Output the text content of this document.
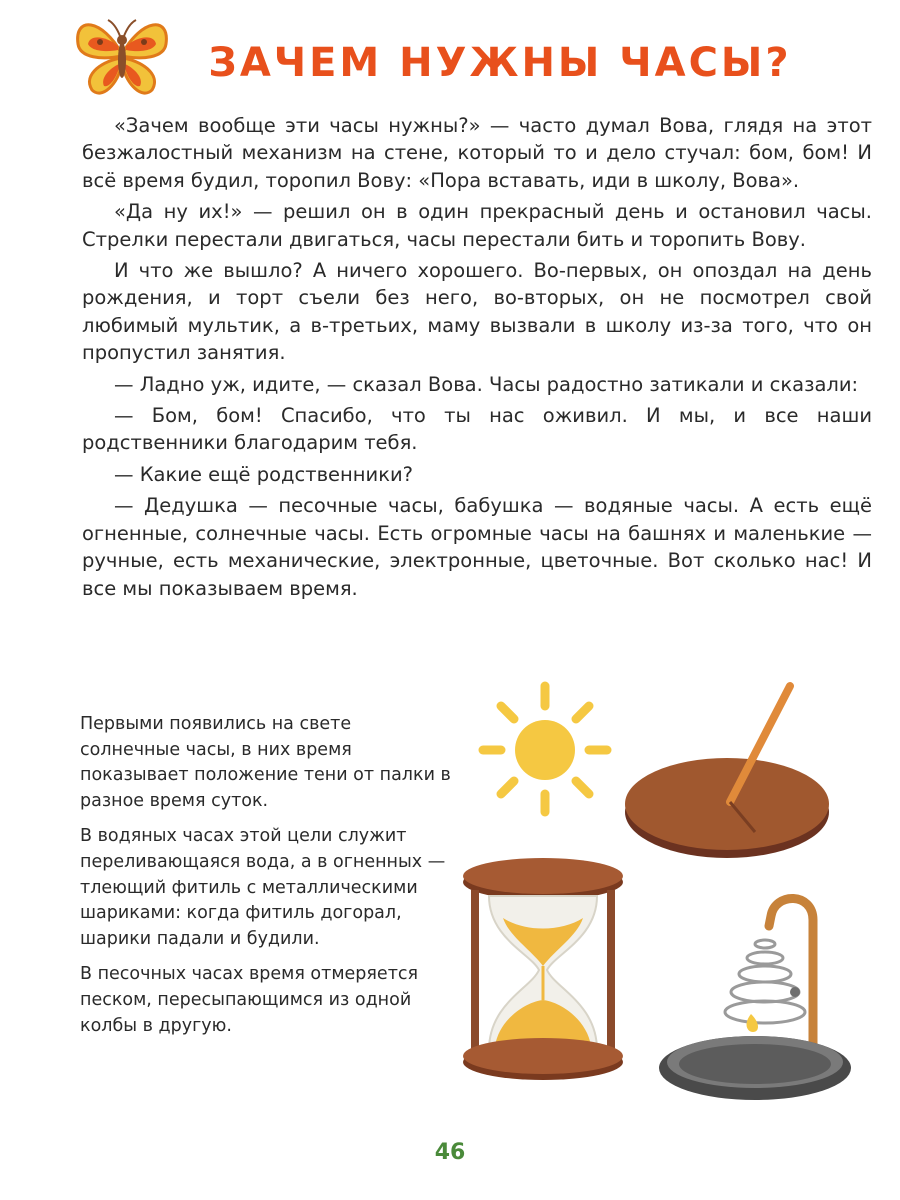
ЗАЧЕМ НУЖНЫ ЧАСЫ?

«Зачем вообще эти часы нужны?» — часто думал Вова, глядя на этот безжалостный механизм на стене, который то и дело стучал: бом, бом! И всё время будил, торопил Вову: «Пора вставать, иди в школу, Вова».

«Да ну их!» — решил он в один прекрасный день и остановил часы. Стрелки перестали двигаться, часы перестали бить и торопить Вову.

И что же вышло? А ничего хорошего. Во-первых, он опоздал на день рождения, и торт съели без него, во-вторых, он не посмотрел свой любимый мультик, а в-третьих, маму вызвали в школу из-за того, что он пропустил занятия.

— Ладно уж, идите, — сказал Вова. Часы радостно затикали и сказали:

— Бом, бом! Спасибо, что ты нас оживил. И мы, и все наши родственники благодарим тебя.

— Какие ещё родственники?

— Дедушка — песочные часы, бабушка — водяные часы. А есть ещё огненные, солнечные часы. Есть огромные часы на башнях и маленькие — ручные, есть механические, электронные, цветочные. Вот сколько нас! И все мы показываем время.

Первыми появились на свете солнечные часы, в них время показывает положение тени от палки в разное время суток.

В водяных часах этой цели служит переливающаяся вода, а в огненных — тлеющий фитиль с металлическими шариками: когда фитиль догорал, шарики падали и будили.

В песочных часах время отмеряется песком, пересыпающимся из одной колбы в другую.

46
